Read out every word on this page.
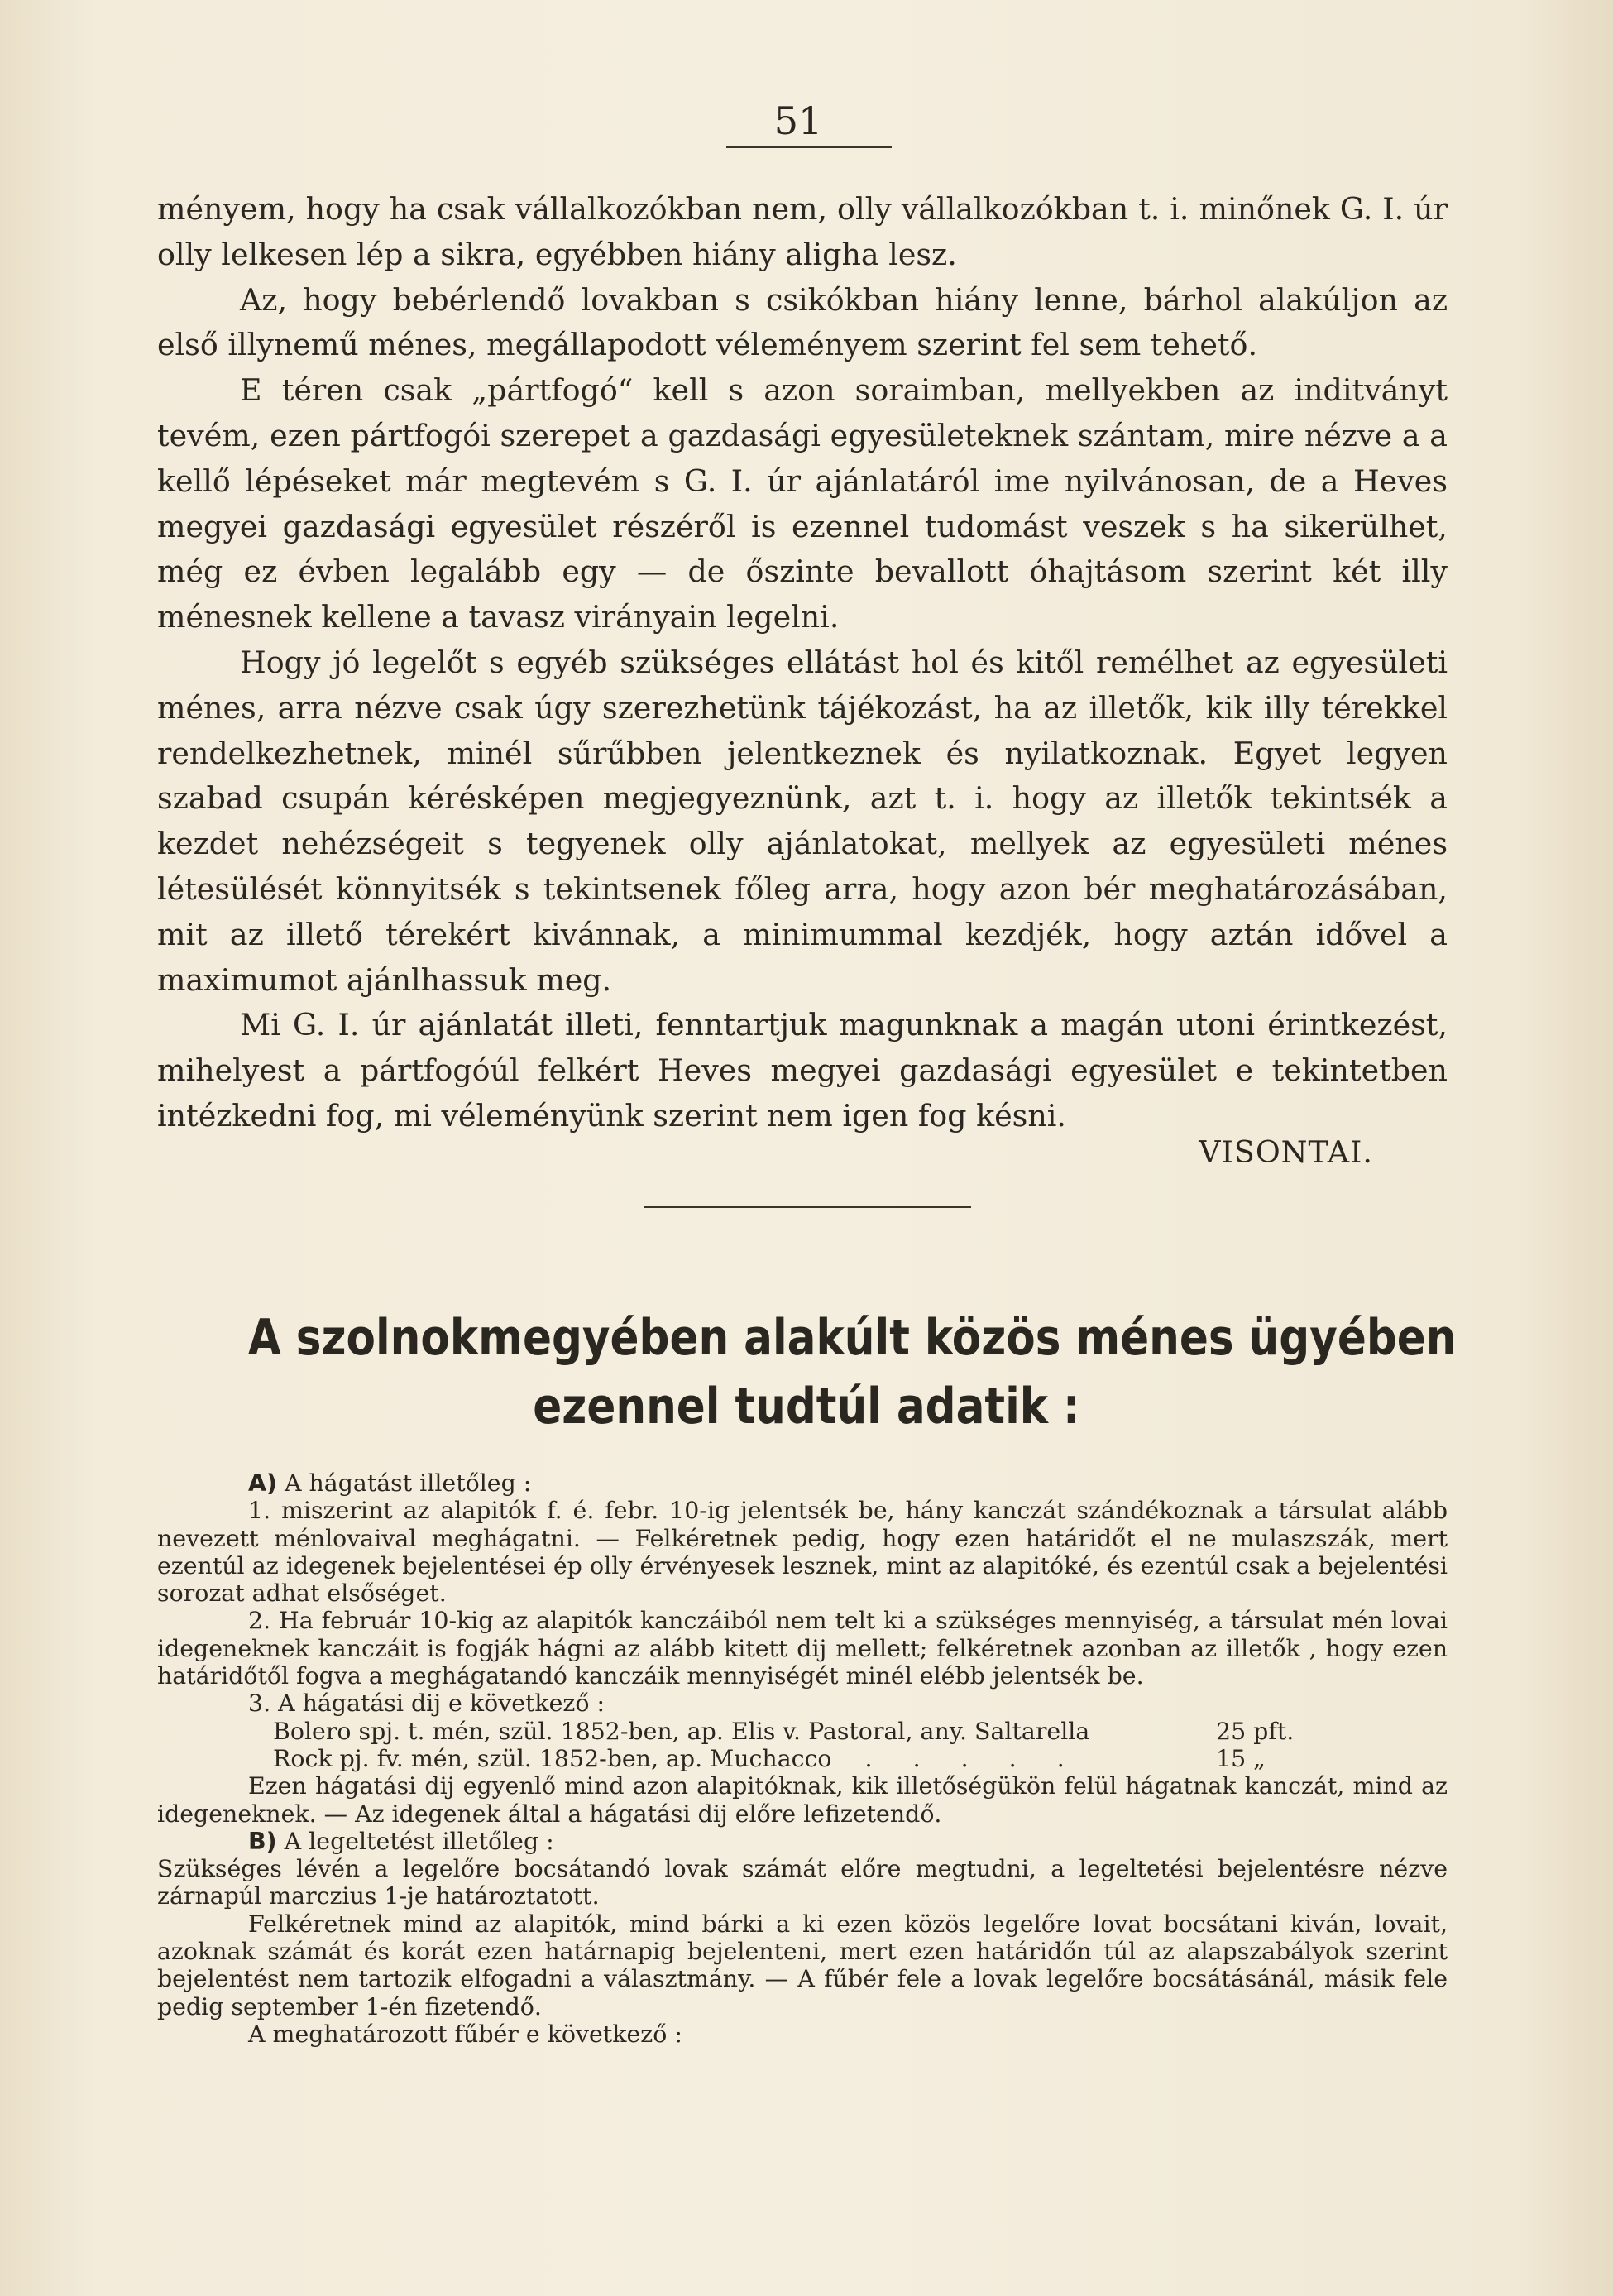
51

ményem, hogy ha csak vállalkozókban nem, olly vállalkozókban t. i. minőnek G. I. úr olly lelkesen lép a sikra, egyébben hiány aligha lesz.

Az, hogy bebérlendő lovakban s csikókban hiány lenne, bárhol alakúljon az első illynemű ménes, megállapodott véleményem szerint fel sem tehető.

E téren csak „pártfogó“ kell s azon soraimban, mellyekben az inditványt tevém, ezen pártfogói szerepet a gazdasági egyesületeknek szántam, mire nézve a a kellő lépéseket már megtevém s G. I. úr ajánlatáról ime nyilvánosan, de a Heves megyei gazdasági egyesület részéről is ezennel tudomást veszek s ha sikerülhet, még ez évben legalább egy — de őszinte bevallott óhajtásom szerint két illy ménesnek kellene a tavasz virányain legelni.

Hogy jó legelőt s egyéb szükséges ellátást hol és kitől remélhet az egyesületi ménes, arra nézve csak úgy szerezhetünk tájékozást, ha az illetők, kik illy térekkel rendelkezhetnek, minél sűrűbben jelentkeznek és nyilatkoznak. Egyet legyen szabad csupán kérésképen megjegyeznünk, azt t. i. hogy az illetők tekintsék a kezdet nehézségeit s tegyenek olly ajánlatokat, mellyek az egyesületi ménes létesülését könnyitsék s tekintsenek főleg arra, hogy azon bér meghatározásában, mit az illető térekért kivánnak, a minimummal kezdjék, hogy aztán idővel a maximumot ajánlhassuk meg.

Mi G. I. úr ajánlatát illeti, fenntartjuk magunknak a magán utoni érintkezést, mihelyest a pártfogóúl felkért Heves megyei gazdasági egyesület e tekintetben intézkedni fog, mi véleményünk szerint nem igen fog késni.

VISONTAI.
A szolnokmegyében alakúlt közös ménes ügyében
ezennel tudtúl adatik :

A) A hágatást illetőleg :

1. miszerint az alapitók f. é. febr. 10-ig jelentsék be, hány kanczát szándékoznak a társulat alább nevezett ménlovaival meghágatni. — Felkéretnek pedig, hogy ezen határidőt el ne mulaszszák, mert ezentúl az idegenek bejelentései ép olly érvényesek lesznek, mint az alapitóké, és ezentúl csak a bejelentési sorozat adhat elsőséget.

2. Ha február 10-kig az alapitók kanczáiból nem telt ki a szükséges mennyiség, a társulat mén lovai idegeneknek kanczáit is fogják hágni az alább kitett dij mellett; felkéretnek azonban az illetők , hogy ezen határidőtől fogva a meghágatandó kanczáik mennyiségét minél elébb jelentsék be.

3. A hágatási dij e következő :

Bolero spj. t. mén, szül. 1852-ben, ap. Elis v. Pastoral, any. Saltarella	25 pft.
Rock pj. fv. mén, szül. 1852-ben, ap. Muchacco . . . . .	15 „

Ezen hágatási dij egyenlő mind azon alapitóknak, kik illetőségükön felül hágatnak kanczát, mind az idegeneknek. — Az idegenek által a hágatási dij előre lefizetendő.

B) A legeltetést illetőleg :

Szükséges lévén a legelőre bocsátandó lovak számát előre megtudni, a legeltetési bejelentésre nézve zárnapúl marczius 1-je határoztatott.

Felkéretnek mind az alapitók, mind bárki a ki ezen közös legelőre lovat bocsátani kiván, lovait, azoknak számát és korát ezen határnapig bejelenteni, mert ezen határidőn túl az alapszabályok szerint bejelentést nem tartozik elfogadni a választmány. — A fűbér fele a lovak legelőre bocsátásánál, másik fele pedig september 1-én fizetendő.

A meghatározott fűbér e következő :
